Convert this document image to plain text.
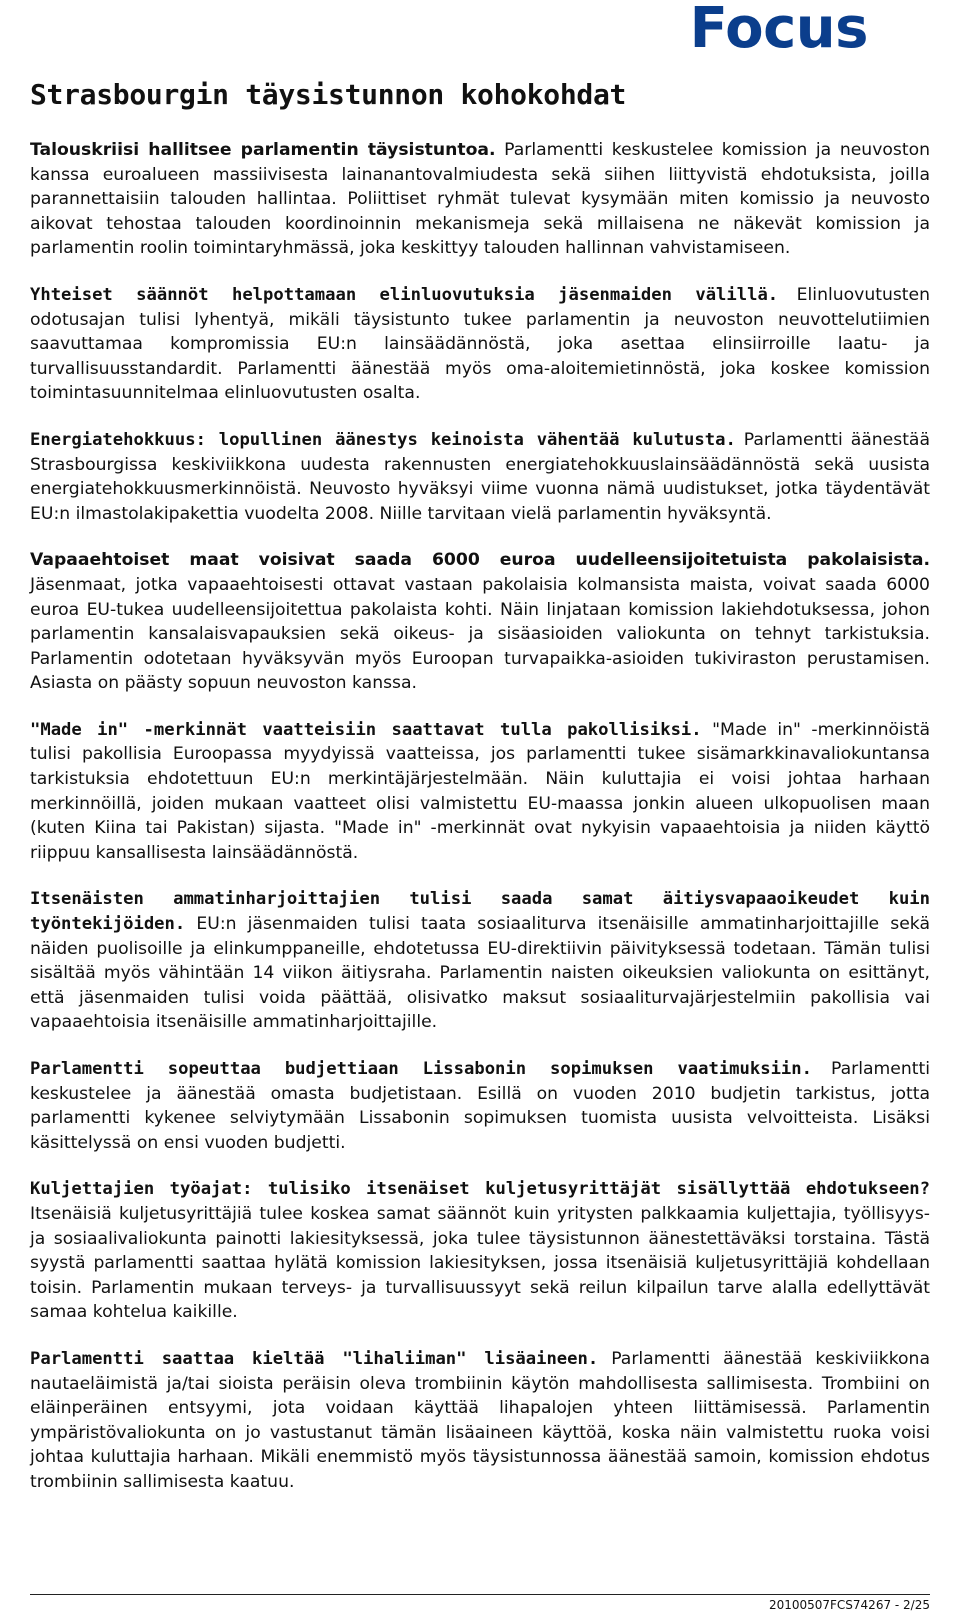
Focus
Strasbourgin täysistunnon kohokohdat

Talouskriisi hallitsee parlamentin täysistuntoa. Parlamentti keskustelee komission ja neuvoston kanssa euroalueen massiivisesta lainanantovalmiudesta sekä siihen liittyvistä ehdotuksista, joilla parannettaisiin talouden hallintaa. Poliittiset ryhmät tulevat kysymään miten komissio ja neuvosto aikovat tehostaa talouden koordinoinnin mekanismeja sekä millaisena ne näkevät komission ja parlamentin roolin toimintaryhmässä, joka keskittyy talouden hallinnan vahvistamiseen.

Yhteiset säännöt helpottamaan elinluovutuksia jäsenmaiden välillä. Elinluovutusten odotusajan tulisi lyhentyä, mikäli täysistunto tukee parlamentin ja neuvoston neuvottelutiimien saavuttamaa kompromissia EU:n lainsäädännöstä, joka asettaa elinsiirroille laatu- ja turvallisuusstandardit. Parlamentti äänestää myös oma-aloitemietinnöstä, joka koskee komission toimintasuunnitelmaa elinluovutusten osalta.

Energiatehokkuus: lopullinen äänestys keinoista vähentää kulutusta. Parlamentti äänestää Strasbourgissa keskiviikkona uudesta rakennusten energiatehokkuuslainsäädännöstä sekä uusista energiatehokkuusmerkinnöistä. Neuvosto hyväksyi viime vuonna nämä uudistukset, jotka täydentävät EU:n ilmastolakipakettia vuodelta 2008. Niille tarvitaan vielä parlamentin hyväksyntä.

Vapaaehtoiset maat voisivat saada 6000 euroa uudelleensijoitetuista pakolaisista. Jäsenmaat, jotka vapaaehtoisesti ottavat vastaan pakolaisia kolmansista maista, voivat saada 6000 euroa EU-tukea uudelleensijoitettua pakolaista kohti. Näin linjataan komission lakiehdotuksessa, johon parlamentin kansalaisvapauksien sekä oikeus- ja sisäasioiden valiokunta on tehnyt tarkistuksia. Parlamentin odotetaan hyväksyvän myös Euroopan turvapaikka-asioiden tukiviraston perustamisen. Asiasta on päästy sopuun neuvoston kanssa.

"Made in" -merkinnät vaatteisiin saattavat tulla pakollisiksi. "Made in" -merkinnöistä tulisi pakollisia Euroopassa myydyissä vaatteissa, jos parlamentti tukee sisämarkkinavaliokuntansa tarkistuksia ehdotettuun EU:n merkintäjärjestelmään. Näin kuluttajia ei voisi johtaa harhaan merkinnöillä, joiden mukaan vaatteet olisi valmistettu EU-maassa jonkin alueen ulkopuolisen maan (kuten Kiina tai Pakistan) sijasta. "Made in" -merkinnät ovat nykyisin vapaaehtoisia ja niiden käyttö riippuu kansallisesta lainsäädännöstä.

Itsenäisten ammatinharjoittajien tulisi saada samat äitiysvapaaoikeudet kuin työntekijöiden. EU:n jäsenmaiden tulisi taata sosiaaliturva itsenäisille ammatinharjoittajille sekä näiden puolisoille ja elinkumppaneille, ehdotetussa EU-direktiivin päivityksessä todetaan. Tämän tulisi sisältää myös vähintään 14 viikon äitiysraha. Parlamentin naisten oikeuksien valiokunta on esittänyt, että jäsenmaiden tulisi voida päättää, olisivatko maksut sosiaaliturvajärjestelmiin pakollisia vai vapaaehtoisia itsenäisille ammatinharjoittajille.

Parlamentti sopeuttaa budjettiaan Lissabonin sopimuksen vaatimuksiin. Parlamentti keskustelee ja äänestää omasta budjetistaan. Esillä on vuoden 2010 budjetin tarkistus, jotta parlamentti kykenee selviytymään Lissabonin sopimuksen tuomista uusista velvoitteista. Lisäksi käsittelyssä on ensi vuoden budjetti.

Kuljettajien työajat: tulisiko itsenäiset kuljetusyrittäjät sisällyttää ehdotukseen? Itsenäisiä kuljetusyrittäjiä tulee koskea samat säännöt kuin yritysten palkkaamia kuljettajia, työllisyys- ja sosiaalivaliokunta painotti lakiesityksessä, joka tulee täysistunnon äänestettäväksi torstaina. Tästä syystä parlamentti saattaa hylätä komission lakiesityksen, jossa itsenäisiä kuljetusyrittäjiä kohdellaan toisin. Parlamentin mukaan terveys- ja turvallisuussyyt sekä reilun kilpailun tarve alalla edellyttävät samaa kohtelua kaikille.

Parlamentti saattaa kieltää "lihaliiman" lisäaineen. Parlamentti äänestää keskiviikkona nautaeläimistä ja/tai sioista peräisin oleva trombiinin käytön mahdollisesta sallimisesta. Trombiini on eläinperäinen entsyymi, jota voidaan käyttää lihapalojen yhteen liittämisessä. Parlamentin ympäristövaliokunta on jo vastustanut tämän lisäaineen käyttöä, koska näin valmistettu ruoka voisi johtaa kuluttajia harhaan. Mikäli enemmistö myös täysistunnossa äänestää samoin, komission ehdotus trombiinin sallimisesta kaatuu.

20100507FCS74267 - 2/25
